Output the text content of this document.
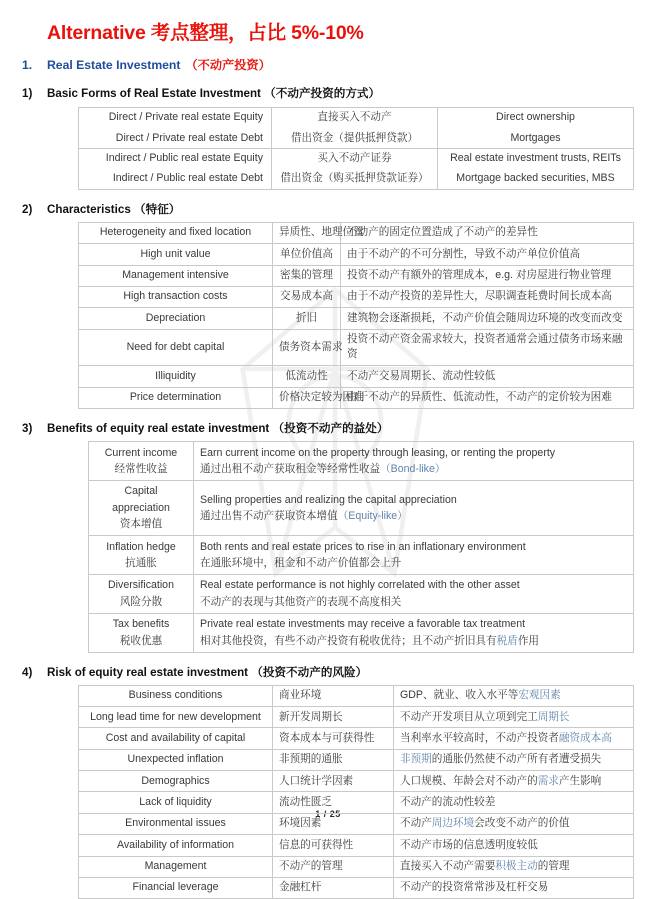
Alternative 考点整理，占比 5%-10%
1.	Real Estate Investment （不动产投资）
1)	Basic Forms of Real Estate Investment （不动产投资的方式）
Direct / Private real estate Equity	直接买入不动产	Direct ownership
Direct / Private real estate Debt	借出资金（提供抵押贷款）	Mortgages
Indirect / Public real estate Equity	买入不动产证券	Real estate investment trusts, REITs
Indirect / Public real estate Debt	借出资金（购买抵押贷款证券）	Mortgage backed securities, MBS
2)	Characteristics （特征）
Heterogeneity and fixed location	异质性、地理位置	不动产的固定位置造成了不动产的差异性
High unit value	单位价值高	由于不动产的不可分割性，导致不动产单位价值高
Management intensive	密集的管理	投资不动产有额外的管理成本，e.g. 对房屋进行物业管理
High transaction costs	交易成本高	由于不动产投资的差异性大，尽职调查耗费时间长成本高
Depreciation	折旧	建筑物会逐渐损耗，不动产价值会随周边环境的改变而改变
Need for debt capital	债务资本需求	投资不动产资金需求较大，投资者通常会通过债务市场来融资
Illiquidity	低流动性	不动产交易周期长、流动性较低
Price determination	价格决定较为困难	由于不动产的异质性、低流动性，不动产的定价较为困难
3)	Benefits of equity real estate investment （投资不动产的益处）
Current income
经常性收益	Earn current income on the property through leasing, or renting the property
通过出租不动产获取租金等经常性收益（Bond-like）
Capital appreciation
资本增值	Selling properties and realizing the capital appreciation
通过出售不动产获取资本增值（Equity-like）
Inflation hedge
抗通胀	Both rents and real estate prices to rise in an inflationary environment
在通胀环境中，租金和不动产价值都会上升
Diversification
风险分散	Real estate performance is not highly correlated with the other asset
不动产的表现与其他资产的表现不高度相关
Tax benefits
税收优惠	Private real estate investments may receive a favorable tax treatment
相对其他投资，有些不动产投资有税收优待；且不动产折旧具有税盾作用
4)	Risk of equity real estate investment （投资不动产的风险）
Business conditions	商业环境	GDP、就业、收入水平等宏观因素
Long lead time for new development	新开发周期长	不动产开发项目从立项到完工周期长
Cost and availability of capital	资本成本与可获得性	当利率水平较高时，不动产投资者融资成本高
Unexpected inflation	非预期的通胀	非预期的通胀仍然使不动产所有者遭受损失
Demographics	人口统计学因素	人口规模、年龄会对不动产的需求产生影响
Lack of liquidity	流动性匮乏	不动产的流动性较差
Environmental issues	环境因素	不动产周边环境会改变不动产的价值
Availability of information	信息的可获得性	不动产市场的信息透明度较低
Management	不动产的管理	直接买入不动产需要积极主动的管理
Financial leverage	金融杠杆	不动产的投资常常涉及杠杆交易
1 / 25
